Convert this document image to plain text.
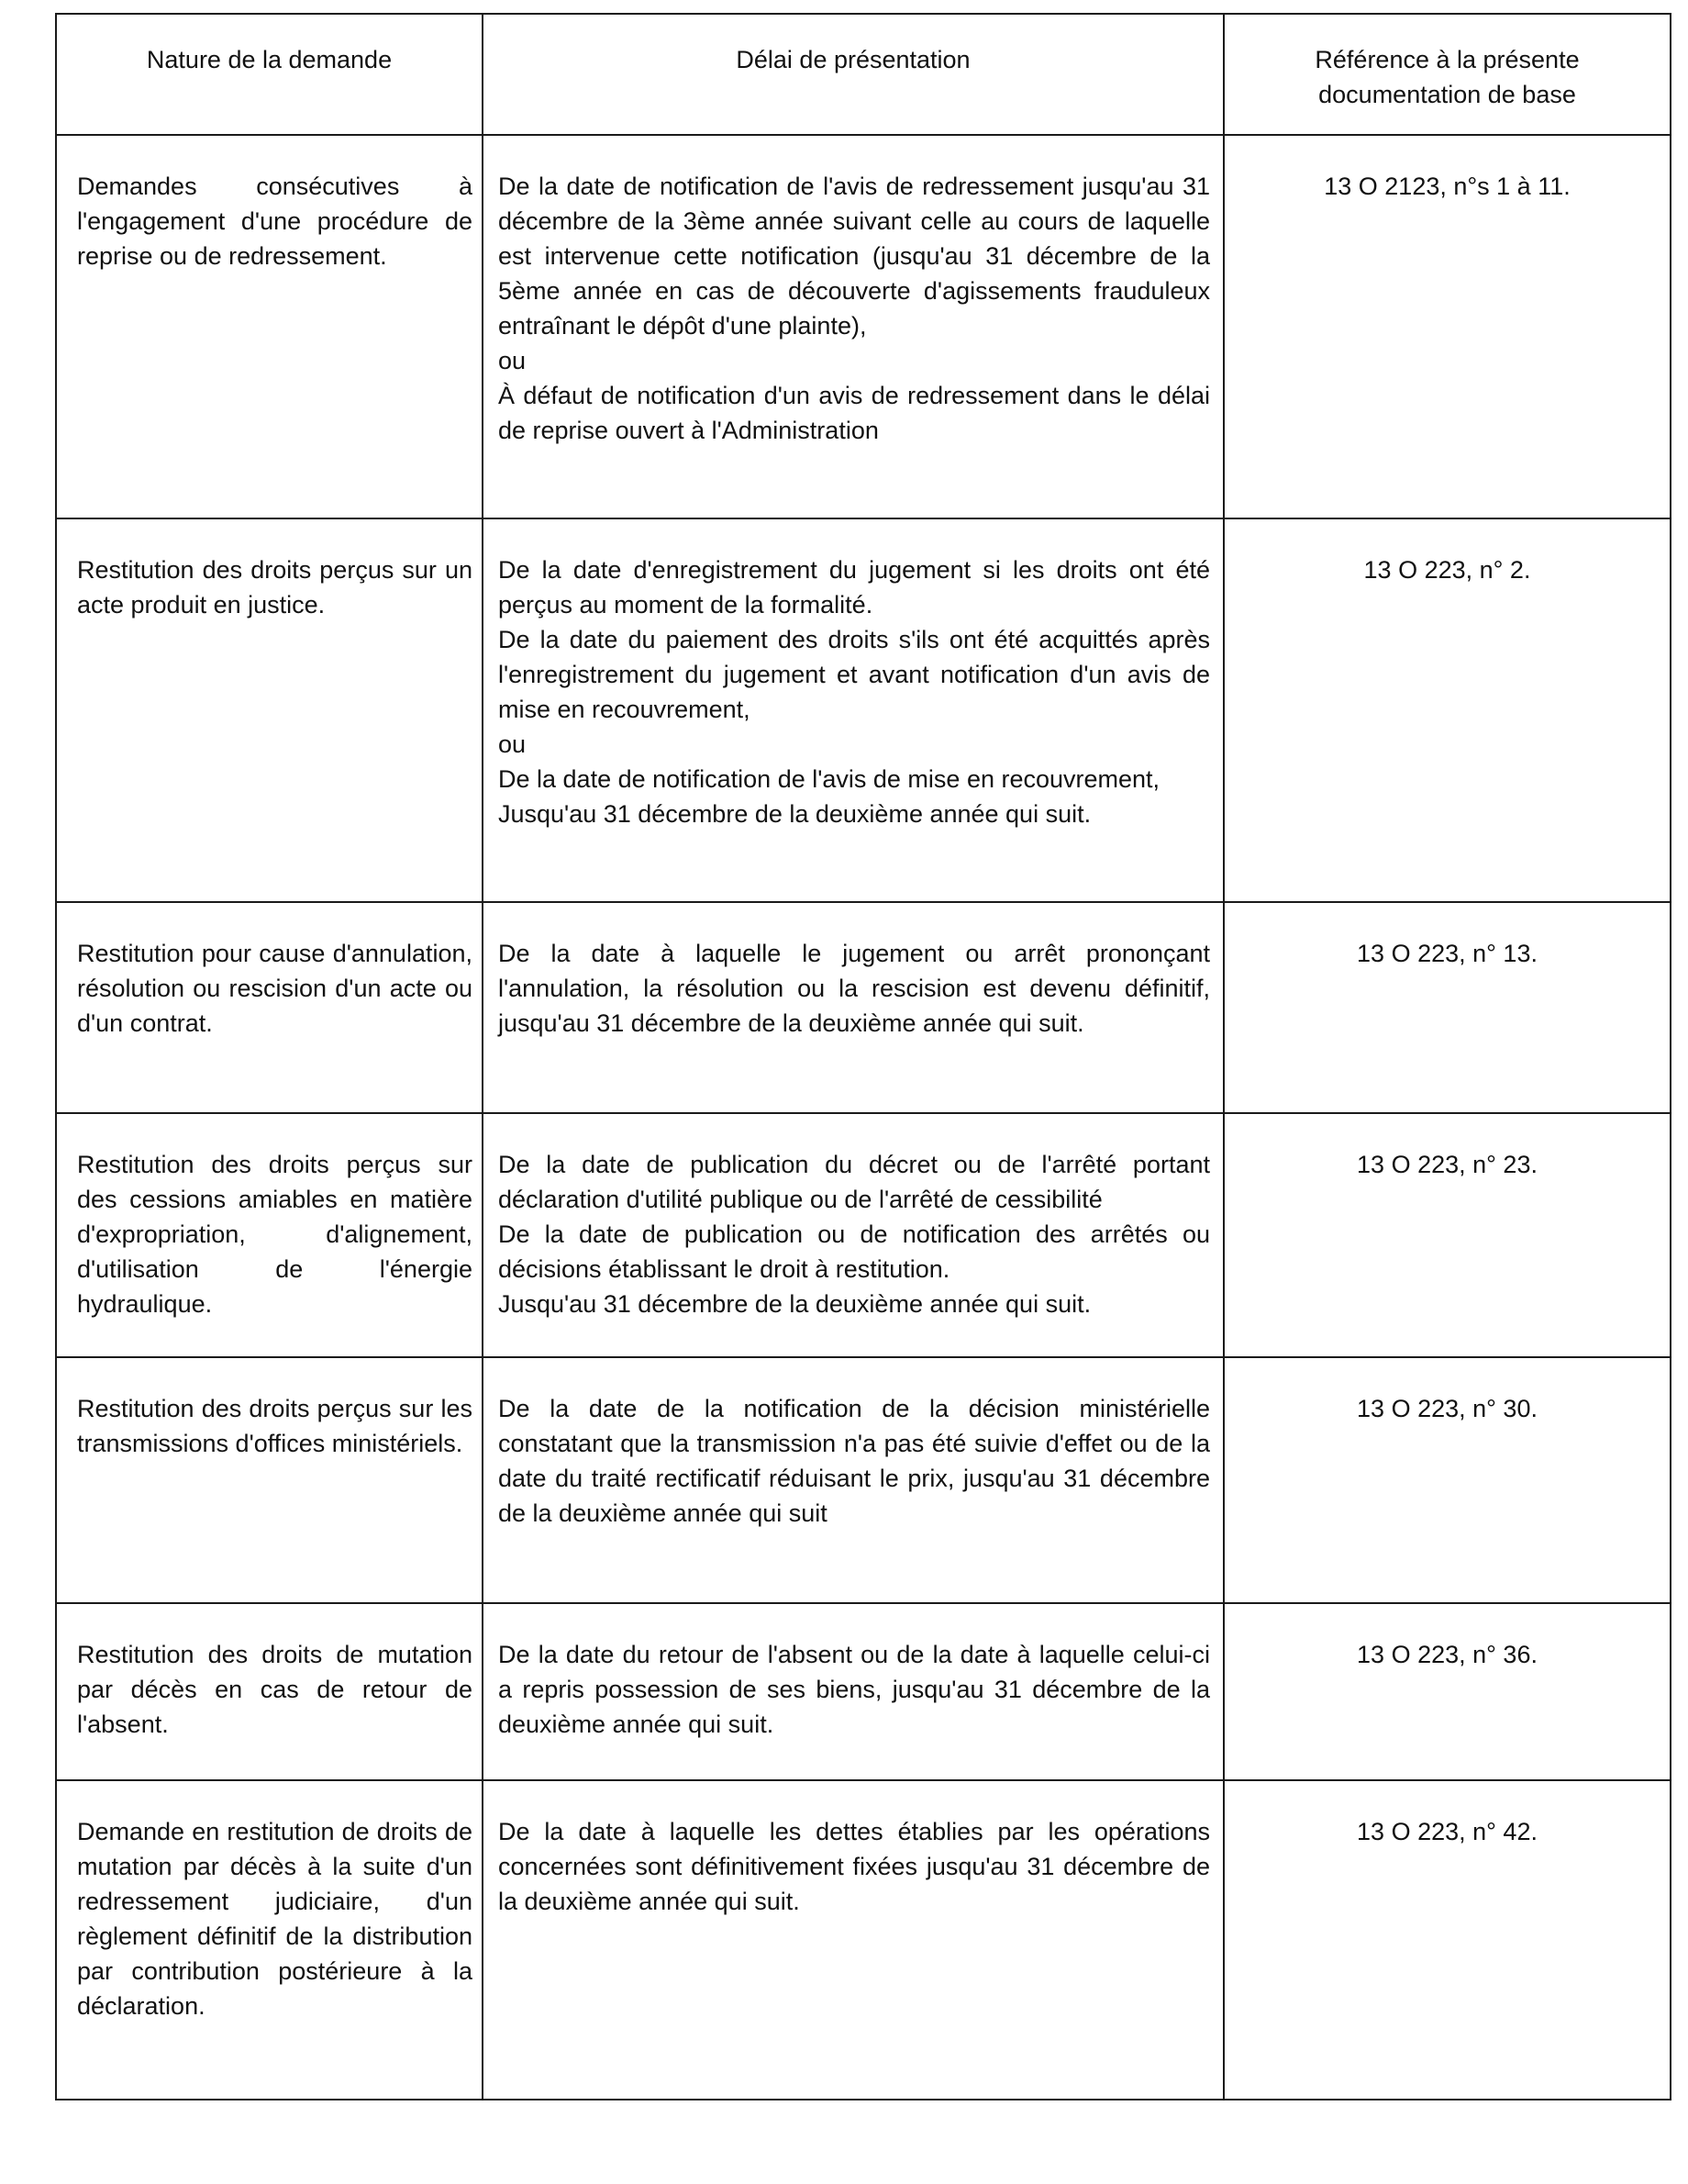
Nature de la demande	Délai de présentation	Référence à la présente
documentation de base
Demandes consécutives à l'engagement d'une procédure de reprise ou de redressement.	De la date de notification de l'avis de redressement jusqu'au 31 décembre de la 3ème année suivant celle au cours de laquelle est intervenue cette notification (jusqu'au 31 décembre de la 5ème année en cas de découverte d'agissements frauduleux entraînant le dépôt d'une plainte),
ou
À défaut de notification d'un avis de redressement dans le délai de reprise ouvert à l'Administration	13 O 2123, n°s 1 à 11.
Restitution des droits perçus sur un acte produit en justice.	De la date d'enregistrement du jugement si les droits ont été perçus au moment de la formalité.
De la date du paiement des droits s'ils ont été acquittés après l'enregistrement du jugement et avant notification d'un avis de mise en recouvrement,
ou
De la date de notification de l'avis de mise en recouvrement,
Jusqu'au 31 décembre de la deuxième année qui suit.	13 O 223, n° 2.
Restitution pour cause d'annulation, résolution ou rescision d'un acte ou d'un contrat.	De la date à laquelle le jugement ou arrêt prononçant l'annulation, la résolution ou la rescision est devenu définitif, jusqu'au 31 décembre de la deuxième année qui suit.	13 O 223, n° 13.
Restitution des droits perçus sur des cessions amiables en matière d'expropriation, d'alignement, d'utilisation de l'énergie hydraulique.	De la date de publication du décret ou de l'arrêté portant déclaration d'utilité publique ou de l'arrêté de cessibilité
De la date de publication ou de notification des arrêtés ou décisions établissant le droit à restitution.
Jusqu'au 31 décembre de la deuxième année qui suit.	13 O 223, n° 23.
Restitution des droits perçus sur les transmissions d'offices ministériels.	De la date de la notification de la décision ministérielle constatant que la transmission n'a pas été suivie d'effet ou de la date du traité rectificatif réduisant le prix, jusqu'au 31 décembre de la deuxième année qui suit	13 O 223, n° 30.
Restitution des droits de mutation par décès en cas de retour de l'absent.	De la date du retour de l'absent ou de la date à laquelle celui-ci a repris possession de ses biens, jusqu'au 31 décembre de la deuxième année qui suit.	13 O 223, n° 36.
Demande en restitution de droits de mutation par décès à la suite d'un redressement judiciaire, d'un règlement définitif de la distribution par contribution postérieure à la déclaration.	De la date à laquelle les dettes établies par les opérations concernées sont définitivement fixées jusqu'au 31 décembre de la deuxième année qui suit.	13 O 223, n° 42.
